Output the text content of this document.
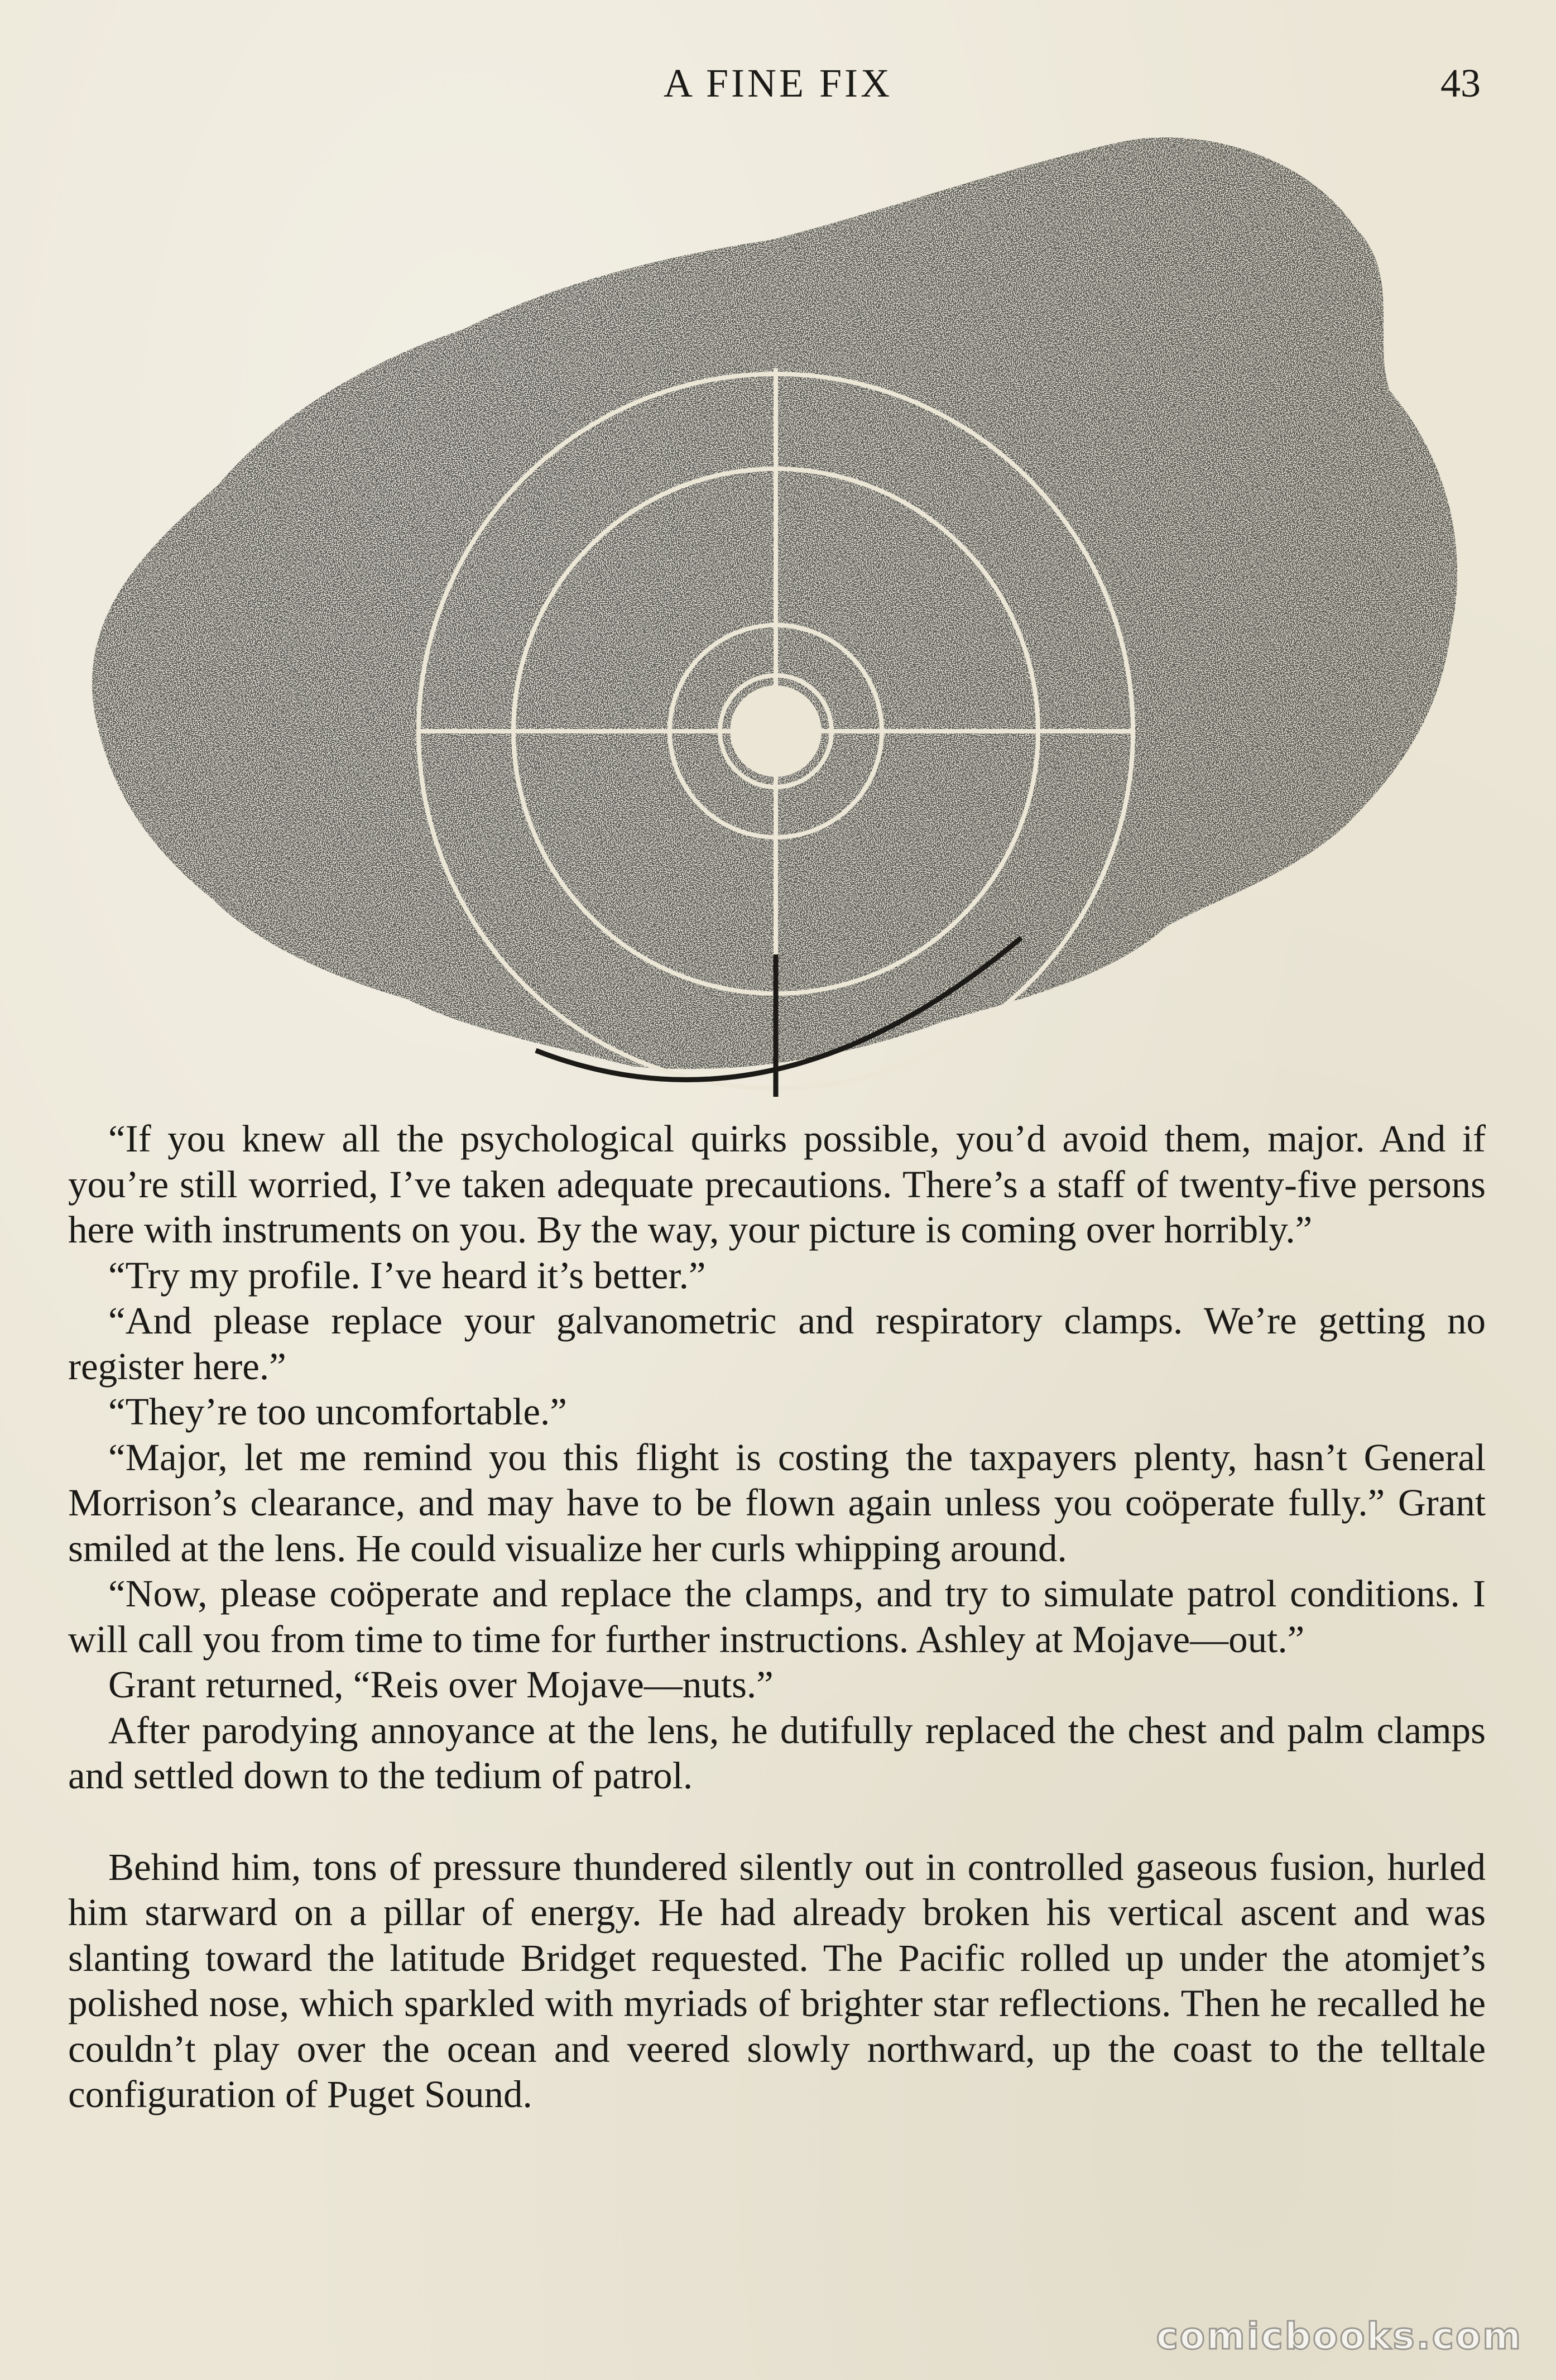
A FINE FIX	43

“If you knew all the psychological quirks possible, you’d avoid them, major. And if you’re still worried, I’ve taken adequate precautions. There’s a staff of twenty-five persons here with instruments on you. By the way, your picture is coming over horribly.”

“Try my profile. I’ve heard it’s better.”

“And please replace your galvanometric and respiratory clamps. We’re getting no register here.”

“They’re too uncomfortable.”

“Major, let me remind you this flight is costing the taxpayers plenty, hasn’t General Morrison’s clearance, and may have to be flown again unless you coöperate fully.” Grant smiled at the lens. He could visualize her curls whipping around.

“Now, please coöperate and replace the clamps, and try to simulate patrol conditions. I will call you from time to time for further instructions. Ashley at Mojave—out.”

Grant returned, “Reis over Mojave—nuts.”

After parodying annoyance at the lens, he dutifully replaced the chest and palm clamps and settled down to the tedium of patrol.

Behind him, tons of pressure thundered silently out in controlled gaseous fusion, hurled him starward on a pillar of energy. He had already broken his vertical ascent and was slanting toward the latitude Bridget requested. The Pacific rolled up under the atomjet’s polished nose, which sparkled with myriads of brighter star reflections. Then he recalled he couldn’t play over the ocean and veered slowly northward, up the coast to the telltale configuration of Puget Sound.

comicbooks.com
